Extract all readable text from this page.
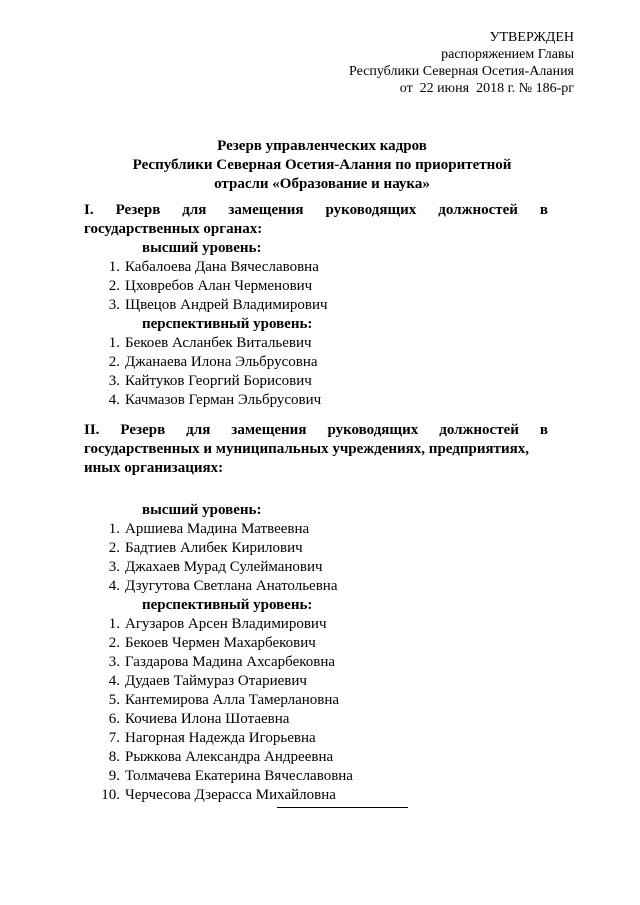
УТВЕРЖДЕН
распоряжением Главы
Республики Северная Осетия-Алания
от  22 июня  2018 г. № 186-рг
Резерв управленческих кадров
Республики Северная Осетия-Алания по приоритетной
отрасли «Образование и наука»
I. Резерв для замещения руководящих должностей в
государственных органах:
высший уровень:
1. Кабалоева Дана Вячеславовна
2. Цховребов Алан Черменович
3. Щвецов Андрей Владимирович
перспективный уровень:
1. Бекоев Асланбек Витальевич
2. Джанаева Илона Эльбрусовна
3. Кайтуков Георгий Борисович
4. Качмазов Герман Эльбрусович
II. Резерв для замещения руководящих должностей в
государственных и муниципальных учреждениях, предприятиях,
иных организациях:
высший уровень:
1. Аршиева Мадина Матвеевна
2. Бадтиев Алибек Кирилович
3. Джахаев Мурад Сулейманович
4. Дзугутова Светлана Анатольевна
перспективный уровень:
1. Агузаров Арсен Владимирович
2. Бекоев Чермен Махарбекович
3. Газдарова Мадина Ахсарбековна
4. Дудаев Таймураз Отариевич
5. Кантемирова Алла Тамерлановна
6. Кочиева Илона Шотаевна
7. Нагорная Надежда Игорьевна
8. Рыжкова Александра Андреевна
9. Толмачева Екатерина Вячеславовна
10. Черчесова Дзерасса Михайловна
